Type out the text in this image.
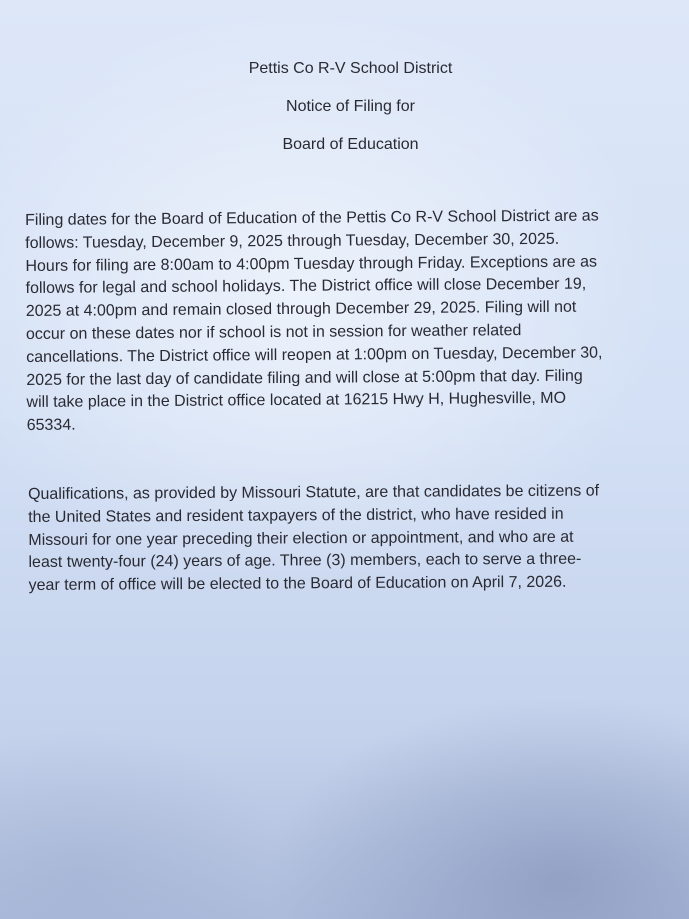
Pettis Co R-V School District
Notice of Filing for
Board of Education
Filing dates for the Board of Education of the Pettis Co R-V School District are as
follows: Tuesday, December 9, 2025 through Tuesday, December 30, 2025.
Hours for filing are 8:00am to 4:00pm Tuesday through Friday. Exceptions are as
follows for legal and school holidays. The District office will close December 19,
2025 at 4:00pm and remain closed through December 29, 2025. Filing will not
occur on these dates nor if school is not in session for weather related
cancellations. The District office will reopen at 1:00pm on Tuesday, December 30,
2025 for the last day of candidate filing and will close at 5:00pm that day. Filing
will take place in the District office located at 16215 Hwy H, Hughesville, MO
65334.
Qualifications, as provided by Missouri Statute, are that candidates be citizens of
the United States and resident taxpayers of the district, who have resided in
Missouri for one year preceding their election or appointment, and who are at
least twenty-four (24) years of age. Three (3) members, each to serve a three-
year term of office will be elected to the Board of Education on April 7, 2026.
